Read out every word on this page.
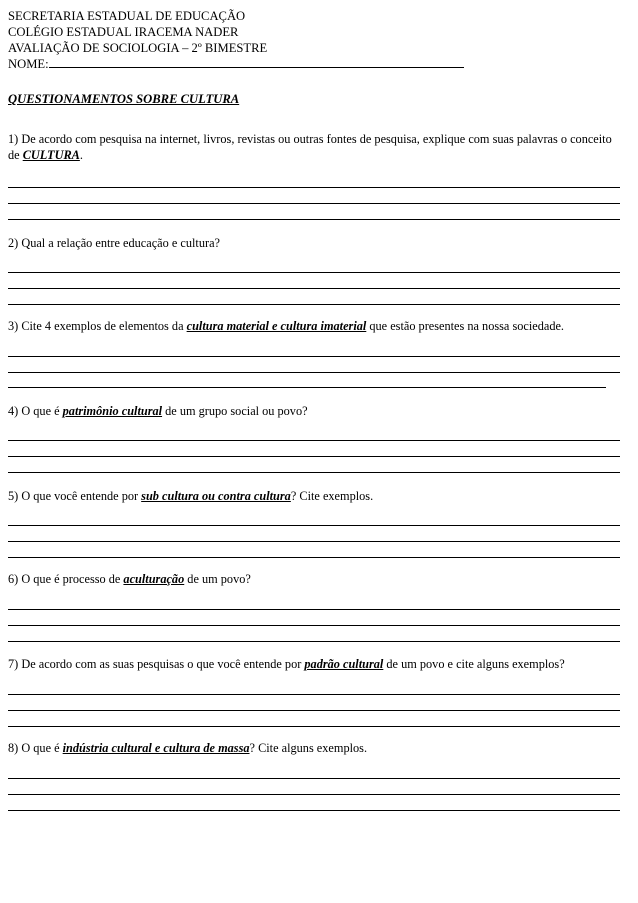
SECRETARIA ESTADUAL DE EDUCAÇÃO
COLÉGIO ESTADUAL IRACEMA NADER
AVALIAÇÃO DE SOCIOLOGIA – 2º BIMESTRE
NOME:
QUESTIONAMENTOS SOBRE CULTURA
1) De acordo com pesquisa na internet, livros, revistas ou outras fontes de pesquisa, explique com suas palavras o conceito de CULTURA.
2) Qual a relação entre educação e cultura?
3) Cite 4 exemplos de elementos da cultura material e cultura imaterial que estão presentes na nossa sociedade.
4) O que é patrimônio cultural de um grupo social ou povo?
5) O que você entende por sub cultura ou contra cultura? Cite exemplos.
6) O que é processo de aculturação de um povo?
7) De acordo com as suas pesquisas o que você entende por padrão cultural de um povo e cite alguns exemplos?
8) O que é indústria cultural e cultura de massa? Cite alguns exemplos.
